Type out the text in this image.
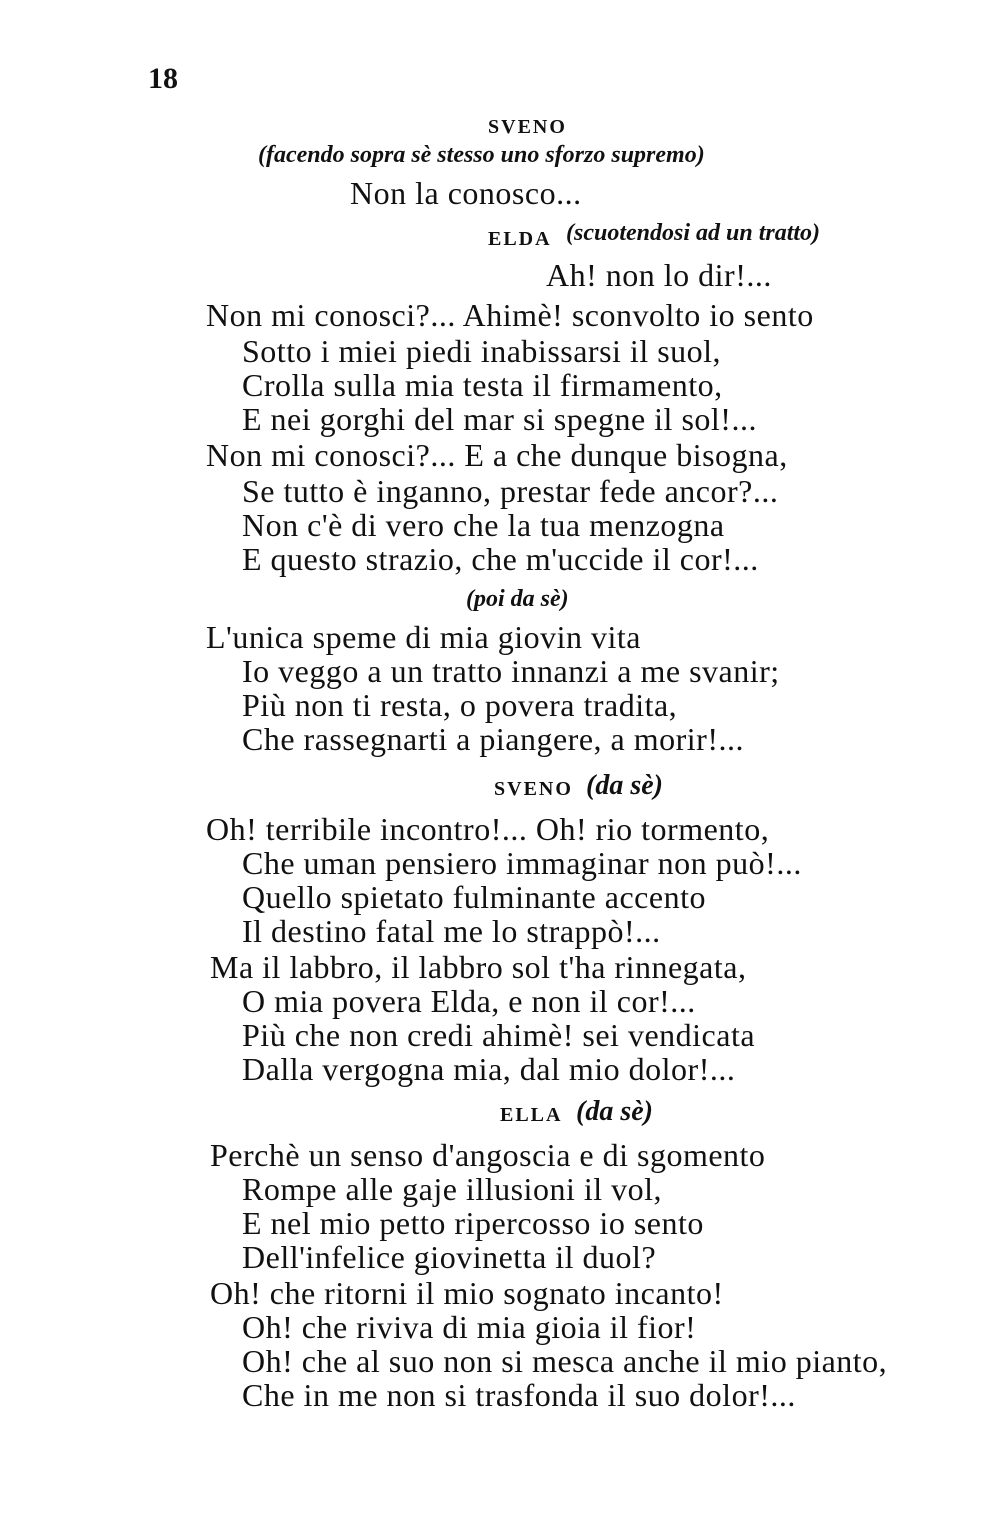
18
SVENO
(facendo sopra sè stesso uno sforzo supremo)
Non la conosco...
ELDA (scuotendosi ad un tratto)
Ah! non lo dir!...
Non mi conosci?... Ahimè! sconvolto io sento
Sotto i miei piedi inabissarsi il suol,
Crolla sulla mia testa il firmamento,
E nei gorghi del mar si spegne il sol!...
Non mi conosci?... E a che dunque bisogna,
Se tutto è inganno, prestar fede ancor?...
Non c'è di vero che la tua menzogna
E questo strazio, che m'uccide il cor!...
(poi da sè)
L'unica speme di mia giovin vita
Io veggo a un tratto innanzi a me svanir;
Più non ti resta, o povera tradita,
Che rassegnarti a piangere, a morir!...
SVENO (da sè)
Oh! terribile incontro!... Oh! rio tormento,
Che uman pensiero immaginar non può!...
Quello spietato fulminante accento
Il destino fatal me lo strappò!...
Ma il labbro, il labbro sol t'ha rinnegata,
O mia povera Elda, e non il cor!...
Più che non credi ahimè! sei vendicata
Dalla vergogna mia, dal mio dolor!...
ELLA (da sè)
Perchè un senso d'angoscia e di sgomento
Rompe alle gaje illusioni il vol,
E nel mio petto ripercosso io sento
Dell'infelice giovinetta il duol?
Oh! che ritorni il mio sognato incanto!
Oh! che riviva di mia gioia il fior!
Oh! che al suo non si mesca anche il mio pianto,
Che in me non si trasfonda il suo dolor!...
